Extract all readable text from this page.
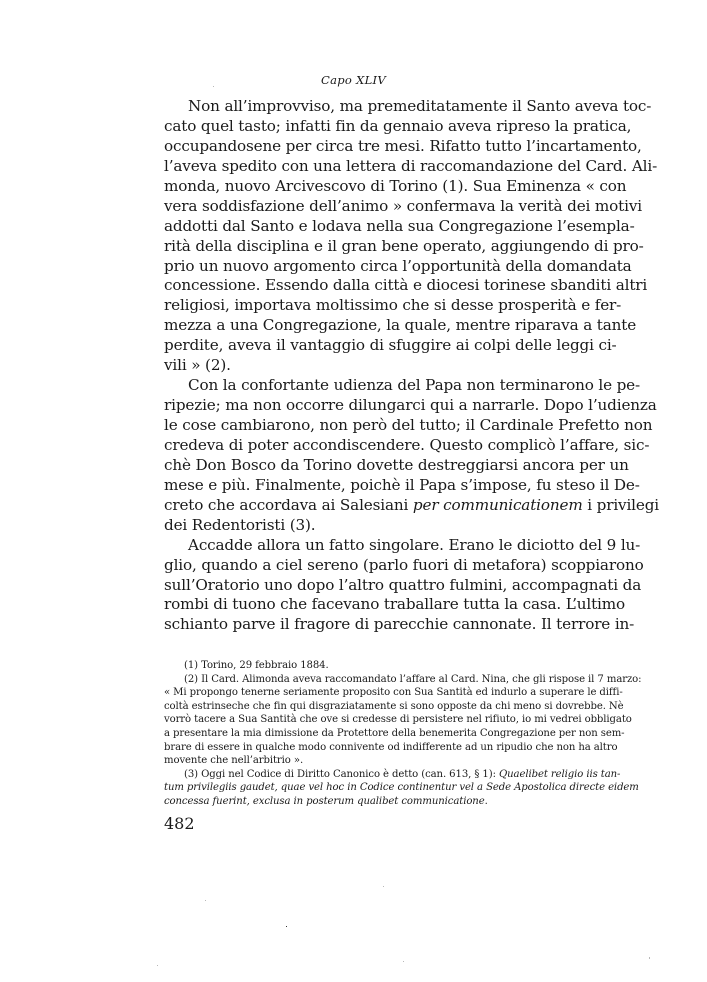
Capo XLIV
Non all’improvviso, ma premeditatamente il Santo aveva toc-
cato quel tasto; infatti fin da gennaio aveva ripreso la pratica,
occupandosene per circa tre mesi. Rifatto tutto l’incartamento,
l’aveva spedito con una lettera di raccomandazione del Card. Ali-
monda, nuovo Arcivescovo di Torino (1). Sua Eminenza « con
vera soddisfazione dell’animo » confermava la verità dei motivi
addotti dal Santo e lodava nella sua Congregazione l’esempla-
rità della disciplina e il gran bene operato, aggiungendo di pro-
prio un nuovo argomento circa l’opportunità della domandata
concessione. Essendo dalla città e diocesi torinese sbanditi altri
religiosi, importava moltissimo che si desse prosperità e fer-
mezza a una Congregazione, la quale, mentre riparava a tante
perdite, aveva il vantaggio di sfuggire ai colpi delle leggi ci-
vili » (2).
Con la confortante udienza del Papa non terminarono le pe-
ripezie; ma non occorre dilungarci qui a narrarle. Dopo l’udienza
le cose cambiarono, non però del tutto; il Cardinale Prefetto non
credeva di poter accondiscendere. Questo complicò l’affare, sic-
chè Don Bosco da Torino dovette destreggiarsi ancora per un
mese e più. Finalmente, poichè il Papa s’impose, fu steso il De-
creto che accordava ai Salesiani per communicationem i privilegi
dei Redentoristi (3).
Accadde allora un fatto singolare. Erano le diciotto del 9 lu-
glio, quando a ciel sereno (parlo fuori di metafora) scoppiarono
sull’Oratorio uno dopo l’altro quattro fulmini, accompagnati da
rombi di tuono che facevano traballare tutta la casa. L’ultimo
schianto parve il fragore di parecchie cannonate. Il terrore in-
(1) Torino, 29 febbraio 1884.
(2) Il Card. Alimonda aveva raccomandato l’affare al Card. Nina, che gli rispose il 7 marzo:
« Mi propongo tenerne seriamente proposito con Sua Santità ed indurlo a superare le diffi-
coltà estrinseche che fin qui disgraziatamente si sono opposte da chi meno si dovrebbe. Nè
vorrò tacere a Sua Santità che ove si credesse di persistere nel rifiuto, io mi vedrei obbligato
a presentare la mia dimissione da Protettore della benemerita Congregazione per non sem-
brare di essere in qualche modo connivente od indifferente ad un ripudio che non ha altro
movente che nell’arbitrio ».
(3) Oggi nel Codice di Diritto Canonico è detto (can. 613, § 1): Quaelibet religio iis tan-
tum privilegiis gaudet, quae vel hoc in Codice continentur vel a Sede Apostolica directe eidem
concessa fuerint, exclusa in posterum qualibet communicatione.
482
